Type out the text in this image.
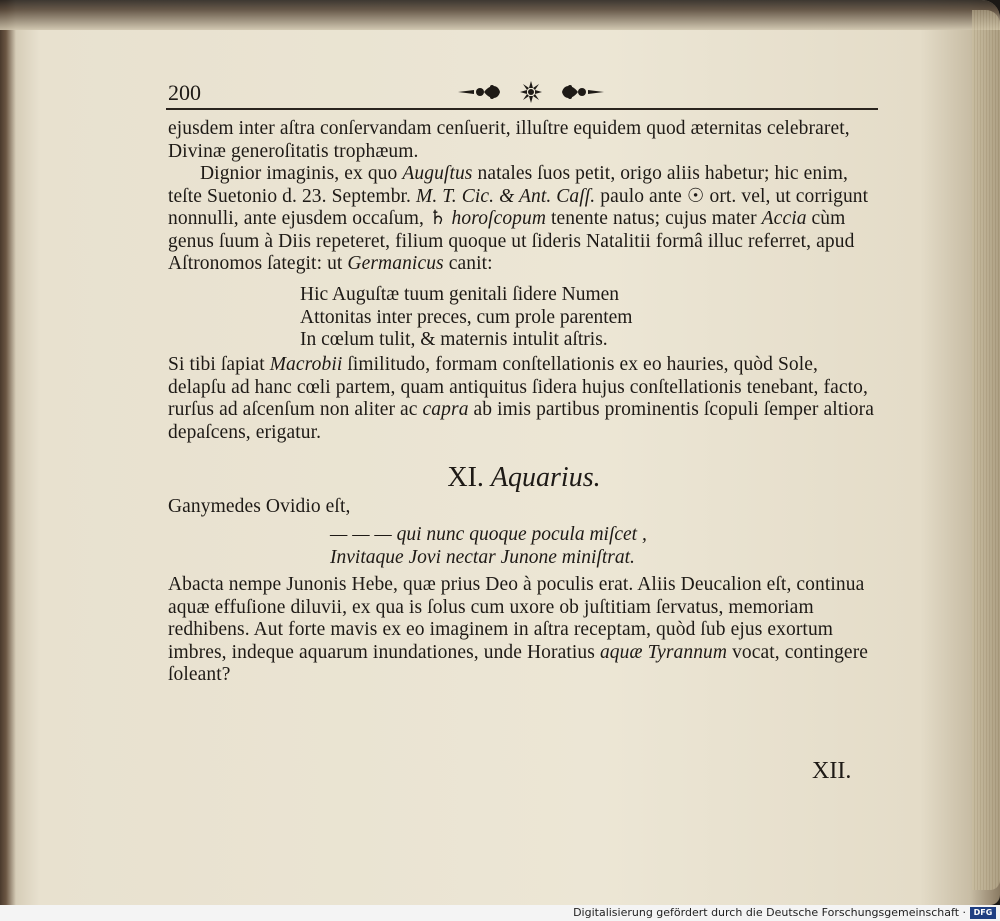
200

ejusdem inter aſtra conſervandam cenſuerit, illuſtre equidem quod æternitas celebraret, Divinæ generoſitatis trophæum.

Dignior imaginis, ex quo Auguſtus natales ſuos petit, origo aliis habetur; hic enim, teſte Suetonio d. 23. Septembr. M. T. Cic. & Ant. Caſſ. paulo ante ☉ ort. vel, ut corrigunt nonnulli, ante ejusdem occaſum, ♄ horoſcopum tenente natus; cujus mater Accia cùm genus ſuum à Diis repeteret, filium quoque ut ſideris Natalitii formâ illuc referret, apud Aſtronomos ſategit: ut Germanicus canit:

Hic Auguſtæ tuum genitali ſidere Numen
Attonitas inter preces, cum prole parentem
In cœlum tulit, & maternis intulit aſtris.

Si tibi ſapiat Macrobii ſimilitudo, formam conſtellationis ex eo hauries, quòd Sole, delapſu ad hanc cœli partem, quam antiquitus ſidera hujus conſtellationis tenebant, facto, rurſus ad aſcenſum non aliter ac capra ab imis partibus prominentis ſcopuli ſemper altiora depaſcens, erigatur.

XI. Aquarius.

Ganymedes Ovidio eſt,

— — — qui nunc quoque pocula miſcet ,
Invitaque Jovi nectar Junone miniſtrat.

Abacta nempe Junonis Hebe, quæ prius Deo à poculis erat. Aliis Deucalion eſt, continua aquæ effuſione diluvii, ex qua is ſolus cum uxore ob juſtitiam ſervatus, memoriam redhibens. Aut forte mavis ex eo imaginem in aſtra receptam, quòd ſub ejus exortum imbres, indeque aquarum inundationes, unde Horatius aquæ Tyrannum vocat, contingere ſoleant?

XII.
Digitalisierung gefördert durch die Deutsche Forschungsgemeinschaft · DFG
